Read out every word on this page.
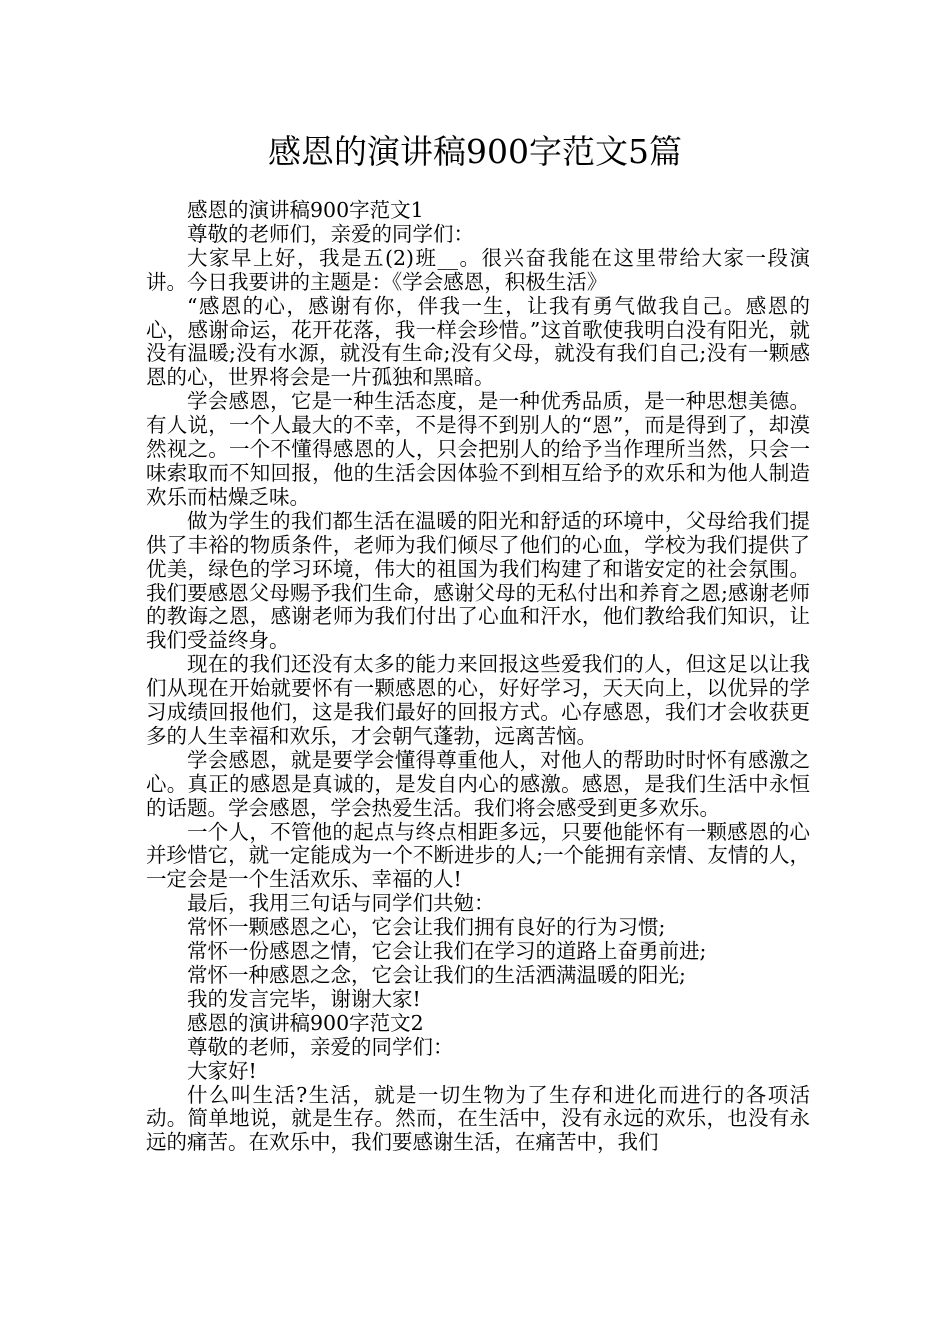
感恩的演讲稿900字范文5篇

感恩的演讲稿900字范文1

尊敬的老师们，亲爱的同学们：

大家早上好，我是五(2)班__。很兴奋我能在这里带给大家一段演讲。今日我要讲的主题是：《学会感恩，积极生活》

“感恩的心，感谢有你，伴我一生，让我有勇气做我自己。感恩的心，感谢命运，花开花落，我一样会珍惜。”这首歌使我明白没有阳光，就没有温暖;没有水源，就没有生命;没有父母，就没有我们自己;没有一颗感恩的心，世界将会是一片孤独和黑暗。

学会感恩，它是一种生活态度，是一种优秀品质，是一种思想美德。有人说，一个人最大的不幸，不是得不到别人的“恩”，而是得到了，却漠然视之。一个不懂得感恩的人，只会把别人的给予当作理所当然，只会一味索取而不知回报，他的生活会因体验不到相互给予的欢乐和为他人制造欢乐而枯燥乏味。

做为学生的我们都生活在温暖的阳光和舒适的环境中，父母给我们提供了丰裕的物质条件，老师为我们倾尽了他们的心血，学校为我们提供了优美，绿色的学习环境，伟大的祖国为我们构建了和谐安定的社会氛围。我们要感恩父母赐予我们生命，感谢父母的无私付出和养育之恩;感谢老师的教诲之恩，感谢老师为我们付出了心血和汗水，他们教给我们知识，让我们受益终身。

现在的我们还没有太多的能力来回报这些爱我们的人，但这足以让我们从现在开始就要怀有一颗感恩的心，好好学习，天天向上，以优异的学习成绩回报他们，这是我们最好的回报方式。心存感恩，我们才会收获更多的人生幸福和欢乐，才会朝气蓬勃，远离苦恼。

学会感恩，就是要学会懂得尊重他人，对他人的帮助时时怀有感激之心。真正的感恩是真诚的，是发自内心的感激。感恩，是我们生活中永恒的话题。学会感恩，学会热爱生活。我们将会感受到更多欢乐。

一个人，不管他的起点与终点相距多远，只要他能怀有一颗感恩的心并珍惜它，就一定能成为一个不断进步的人;一个能拥有亲情、友情的人，一定会是一个生活欢乐、幸福的人!

最后，我用三句话与同学们共勉：

常怀一颗感恩之心，它会让我们拥有良好的行为习惯;

常怀一份感恩之情，它会让我们在学习的道路上奋勇前进;

常怀一种感恩之念，它会让我们的生活洒满温暖的阳光;

我的发言完毕，谢谢大家!

感恩的演讲稿900字范文2

尊敬的老师，亲爱的同学们：

大家好!

什么叫生活?生活，就是一切生物为了生存和进化而进行的各项活动。简单地说，就是生存。然而，在生活中，没有永远的欢乐，也没有永远的痛苦。在欢乐中，我们要感谢生活，在痛苦中，我们
